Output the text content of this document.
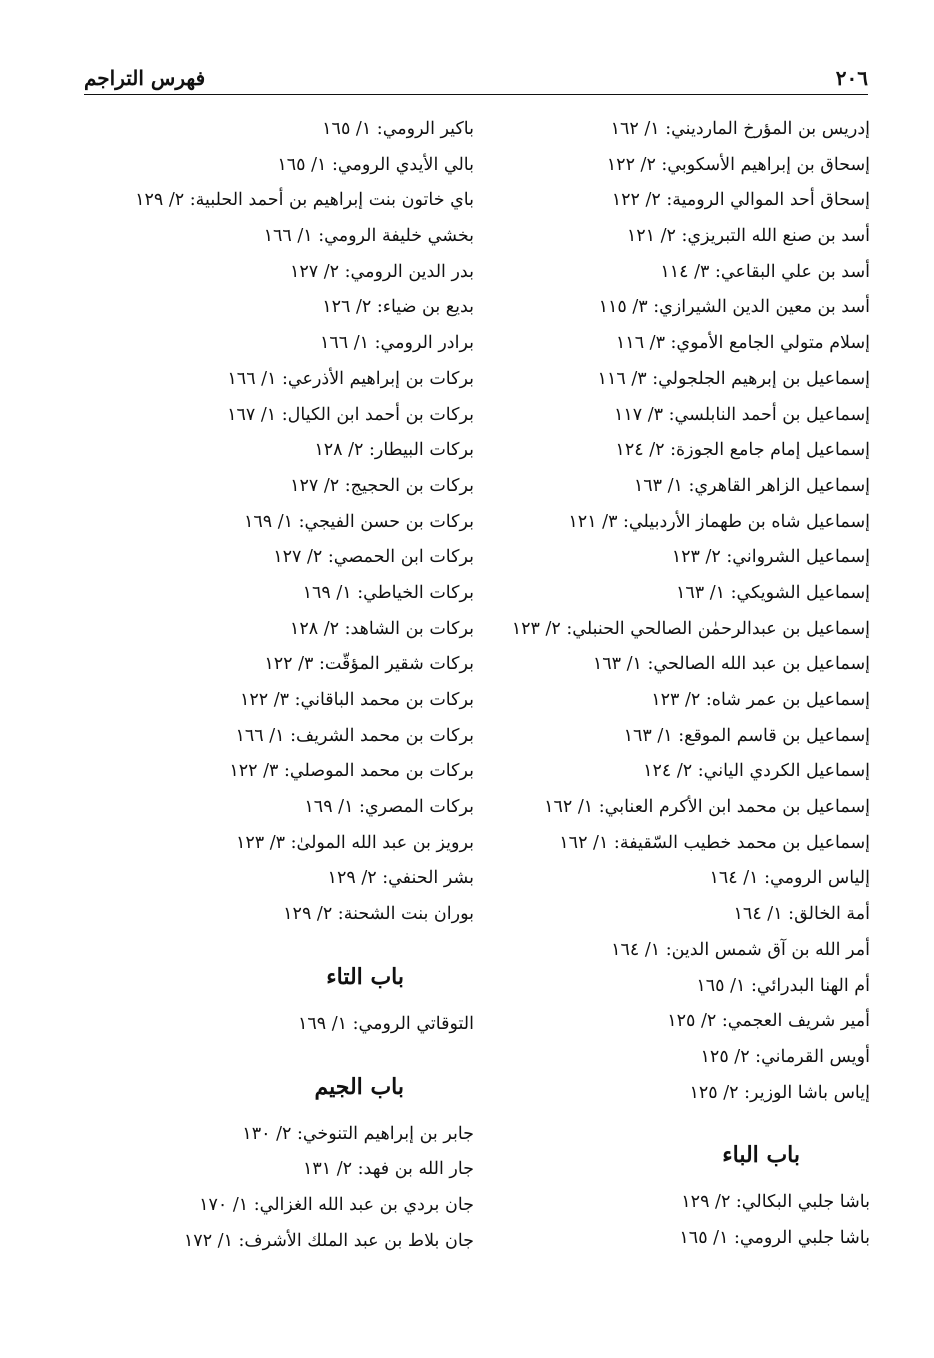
٢٠٦
فهرس التراجم
إدريس بن المؤرخ الماردیني: ١/ ١٦٢
إسحاق بن إبراهيم الأسكوبي: ٢/ ١٢٢
إسحاق أحد الموالي الرومية: ٢/ ١٢٢
أسد بن صنع الله التبريزي: ٢/ ١٢١
أسد بن علي البقاعي: ٣/ ١١٤
أسد بن معين الدين الشيرازي: ٣/ ١١٥
إسلام متولي الجامع الأموي: ٣/ ١١٦
إسماعيل بن إبرهيم الجلجولي: ٣/ ١١٦
إسماعيل بن أحمد النابلسي: ٣/ ١١٧
إسماعيل إمام جامع الجوزة: ٢/ ١٢٤
إسماعيل الزاهر القاهري: ١/ ١٦٣
إسماعيل شاه بن طهماز الأردبيلي: ٣/ ١٢١
إسماعيل الشرواني: ٢/ ١٢٣
إسماعيل الشويكي: ١/ ١٦٣
إسماعيل بن عبدالرحمٰن الصالحي الحنبلي: ٢/ ١٢٣
إسماعيل بن عبد الله الصالحي: ١/ ١٦٣
إسماعيل بن عمر شاه: ٢/ ١٢٣
إسماعيل بن قاسم الموقع: ١/ ١٦٣
إسماعيل الكردي الياني: ٢/ ١٢٤
إسماعيل بن محمد ابن الأكرم العنابي: ١/ ١٦٢
إسماعيل بن محمد خطيب السّقيفة: ١/ ١٦٢
إلياس الرومي: ١/ ١٦٤
أمة الخالق: ١/ ١٦٤
أمر الله بن آق شمس الدين: ١/ ١٦٤
أم الهنا البدرائي: ١/ ١٦٥
أمير شريف العجمي: ٢/ ١٢٥
أويس القرماني: ٢/ ١٢٥
إياس باشا الوزير: ٢/ ١٢٥
باب الباء
باشا جلبي البكالي: ٢/ ١٢٩
باشا جلبي الرومي: ١/ ١٦٥
باكير الرومي: ١/ ١٦٥
بالي الأيدي الرومي: ١/ ١٦٥
باي خاتون بنت إبراهيم بن أحمد الحلبية: ٢/ ١٢٩
بخشي خليفة الرومي: ١/ ١٦٦
بدر الدين الرومي: ٢/ ١٢٧
بديع بن ضياء: ٢/ ١٢٦
برادر الرومي: ١/ ١٦٦
بركات بن إبراهيم الأذرعي: ١/ ١٦٦
بركات بن أحمد ابن الكيال: ١/ ١٦٧
بركات البيطار: ٢/ ١٢٨
بركات بن الحجيج: ٢/ ١٢٧
بركات بن حسن الفيجي: ١/ ١٦٩
بركات ابن الحمصي: ٢/ ١٢٧
بركات الخياطي: ١/ ١٦٩
بركات بن الشاهد: ٢/ ١٢٨
بركات شقير المؤقّت: ٣/ ١٢٢
بركات بن محمد الباقاني: ٣/ ١٢٢
بركات بن محمد الشريف: ١/ ١٦٦
بركات بن محمد الموصلي: ٣/ ١٢٢
بركات المصري: ١/ ١٦٩
برويز بن عبد الله المولىٰ: ٣/ ١٢٣
بشر الحنفي: ٢/ ١٢٩
بوران بنت الشحنة: ٢/ ١٢٩
باب التاء
التوقاتي الرومي: ١/ ١٦٩
باب الجيم
جابر بن إبراهيم التنوخي: ٢/ ١٣٠
جار الله بن فهد: ٢/ ١٣١
جان بردي بن عبد الله الغزالي: ١/ ١٧٠
جان بلاط بن عبد الملك الأشرف: ١/ ١٧٢
